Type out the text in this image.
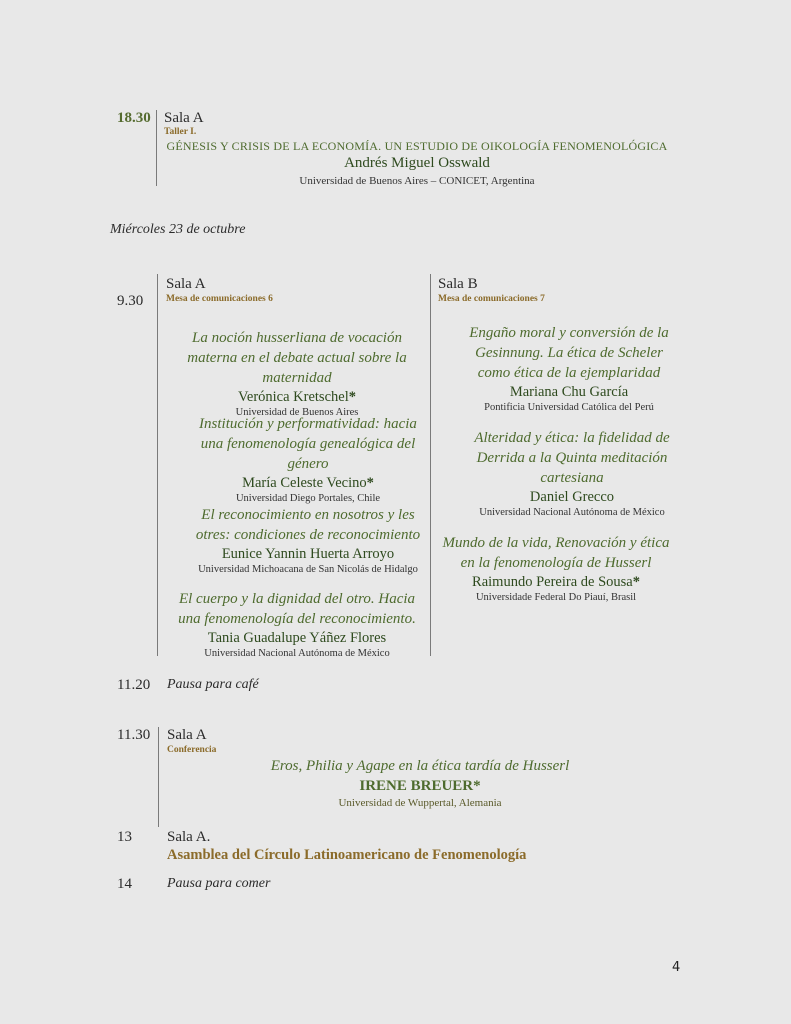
18.30 Sala A
Taller I.
GÉNESIS Y CRISIS DE LA ECONOMÍA. UN ESTUDIO DE OIKOLOGÍA FENOMENOLÓGICA
Andrés Miguel Osswald
Universidad de Buenos Aires – CONICET, Argentina
Miércoles 23 de octubre
9.30
Sala A
Mesa de comunicaciones 6
Sala B
Mesa de comunicaciones 7
La noción husserliana de vocación materna en el debate actual sobre la maternidad
Verónica Kretschel*
Universidad de Buenos Aires
Institución y performatividad: hacia una fenomenología genealógica del género
María Celeste Vecino*
Universidad Diego Portales, Chile
El reconocimiento en nosotros y les otres: condiciones de reconocimiento
Eunice Yannin Huerta Arroyo
Universidad Michoacana de San Nicolás de Hidalgo
El cuerpo y la dignidad del otro. Hacia una fenomenología del reconocimiento.
Tania Guadalupe Yáñez Flores
Universidad Nacional Autónoma de México
Engaño moral y conversión de la Gesinnung. La ética de Scheler como ética de la ejemplaridad
Mariana Chu García
Pontificia Universidad Católica del Perú
Alteridad y ética: la fidelidad de Derrida a la Quinta meditación cartesiana
Daniel Grecco
Universidad Nacional Autónoma de México
Mundo de la vida, Renovación y ética en la fenomenología de Husserl
Raimundo Pereira de Sousa*
Universidade Federal Do Piauí, Brasil
11.20 Pausa para café
11.30 Sala A
Conferencia
Eros, Philia y Agape en la ética tardía de Husserl
IRENE BREUER*
Universidad de Wuppertal, Alemania
13 Sala A.
Asamblea del Círculo Latinoamericano de Fenomenología
14	Pausa para comer
4
